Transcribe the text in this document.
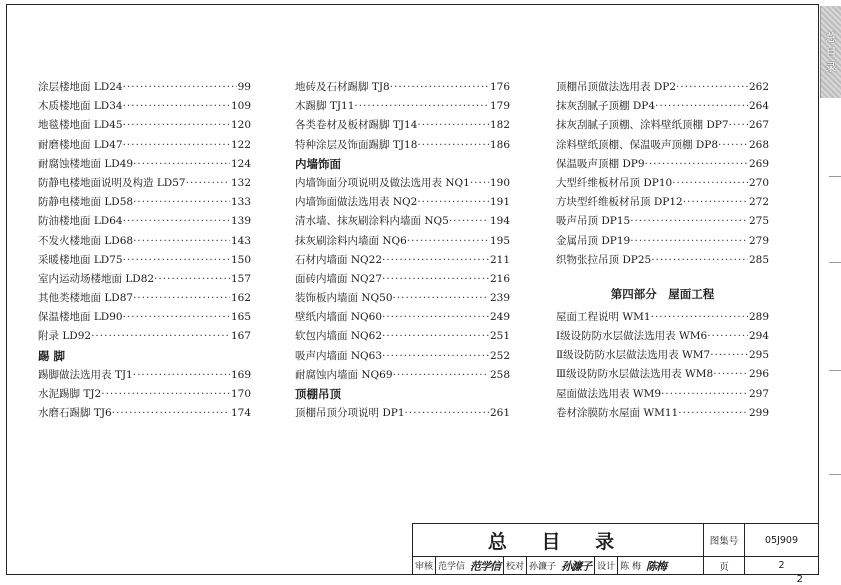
总
目
录
涂层楼地面 LD24 ·····	99
木质楼地面 LD34 ·····	109
地毯楼地面 LD45 ·····	120
耐磨楼地面 LD47 ·····	122
耐腐蚀楼地面 LD49 ·····	124
防静电楼地面说明及构造 LD57 ·····	132
防静电楼地面 LD58 ·····	133
防油楼地面 LD64 ·····	139
不发火楼地面 LD68 ·····	143
采暖楼地面 LD75 ·····	150
室内运动场楼地面 LD82 ·····	157
其他类楼地面 LD87 ·····	162
保温楼地面 LD90 ·····	165
附录 LD92 ·····	167
踢 脚
踢脚做法选用表 TJ1 ·····	169
水泥踢脚 TJ2 ·····	170
水磨石踢脚 TJ6 ·····	174
地砖及石材踢脚 TJ8 ·····	176
木踢脚 TJ11 ·····	179
各类卷材及板材踢脚 TJ14 ·····	182
特种涂层及饰面踢脚 TJ18 ·····	186
内墙饰面
内墙饰面分项说明及做法选用表 NQ1 ····· 190
内墙饰面做法选用表 NQ2 ·····	191
清水墙、抹灰刷涂料内墙面 NQ5 ·····	194
抹灰刷涂料内墙面 NQ6 ·····	195
石材内墙面 NQ22 ·····	211
面砖内墙面 NQ27 ·····	216
装饰板内墙面 NQ50 ·····	239
壁纸内墙面 NQ60 ·····	249
软包内墙面 NQ62 ·····	251
吸声内墙面 NQ63 ·····	252
耐腐蚀内墙面 NQ69 ·····	258
顶棚吊顶
顶棚吊顶分项说明 DP1 ·····	261
顶棚吊顶做法选用表 DP2 ·····	262
抹灰刮腻子顶棚 DP4 ·····	264
抹灰刮腻子顶棚、涂料壁纸顶棚 DP7 ····· 267
涂料壁纸顶棚、保温吸声顶棚 DP8 ·····	268
保温吸声顶棚 DP9 ·····	269
大型纤维板材吊顶 DP10 ·····	270
方块型纤维板材吊顶 DP12 ·····	272
吸声吊顶 DP15 ·····	275
金属吊顶 DP19 ·····	279
织物张拉吊顶 DP25 ·····	285
第四部分　屋面工程
屋面工程说明 WM1 ·····	289
Ⅰ级设防防水层做法选用表 WM6 ·····	294
Ⅱ级设防防水层做法选用表 WM7 ·····	295
Ⅲ级设防防水层做法选用表 WM8 ·····	296
屋面做法选用表 WM9 ·····	297
卷材涂膜防水屋面 WM11 ·····	299
总 目 录	图集号	05J909
页	2
审核 范学信 范学信 校对 孙濂子 孙濂子 设计 陈 梅 陈梅
2
